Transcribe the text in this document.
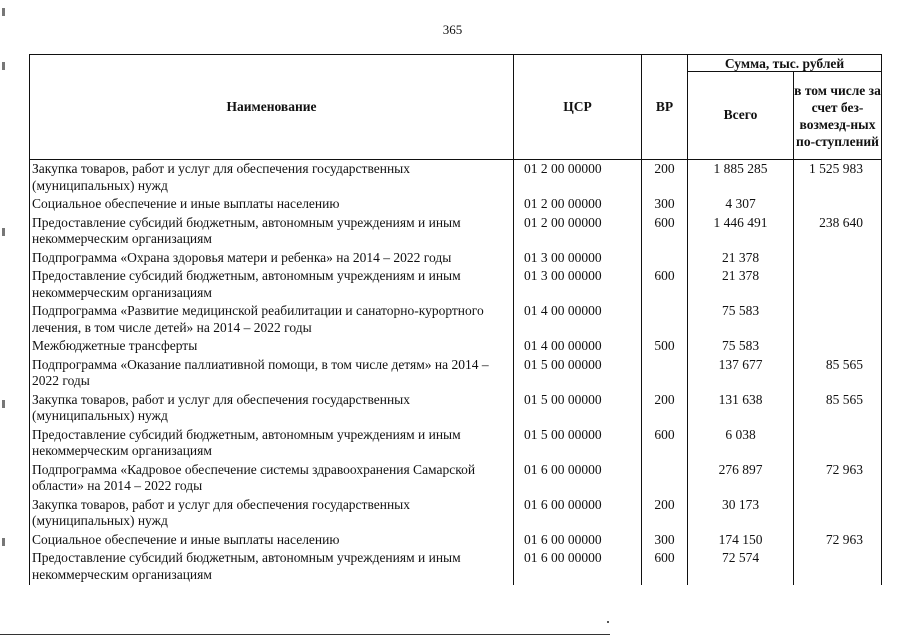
365
Наименование	ЦСР	ВР	Сумма, тыс. рублей	
			Всего	в том числе за счет без-возмезд-ных по-ступлений
Закупка товаров, работ и услуг для обеспечения государственных (муниципальных) нужд	01 2 00 00000	200	1 885 285	1 525 983
Социальное обеспечение и иные выплаты населению	01 2 00 00000	300	4 307	
Предоставление субсидий бюджетным, автономным учреждениям и иным некоммерческим организациям	01 2 00 00000	600	1 446 491	238 640
Подпрограмма «Охрана здоровья матери и ребенка» на 2014 – 2022 годы	01 3 00 00000		21 378	
Предоставление субсидий бюджетным, автономным учреждениям и иным некоммерческим организациям	01 3 00 00000	600	21 378	
Подпрограмма «Развитие медицинской реабилитации и санаторно-курортного лечения, в том числе детей» на 2014 – 2022 годы	01 4 00 00000		75 583	
Межбюджетные трансферты	01 4 00 00000	500	75 583	
Подпрограмма «Оказание паллиативной помощи, в том числе детям» на 2014 – 2022 годы	01 5 00 00000		137 677	85 565
Закупка товаров, работ и услуг для обеспечения государственных (муниципальных) нужд	01 5 00 00000	200	131 638	85 565
Предоставление субсидий бюджетным, автономным учреждениям и иным некоммерческим организациям	01 5 00 00000	600	6 038	
Подпрограмма «Кадровое обеспечение системы здравоохранения Самарской области» на 2014 – 2022 годы	01 6 00 00000		276 897	72 963
Закупка товаров, работ и услуг для обеспечения государственных (муниципальных) нужд	01 6 00 00000	200	30 173	
Социальное обеспечение и иные выплаты населению	01 6 00 00000	300	174 150	72 963
Предоставление субсидий бюджетным, автономным учреждениям и иным некоммерческим организациям	01 6 00 00000	600	72 574	
